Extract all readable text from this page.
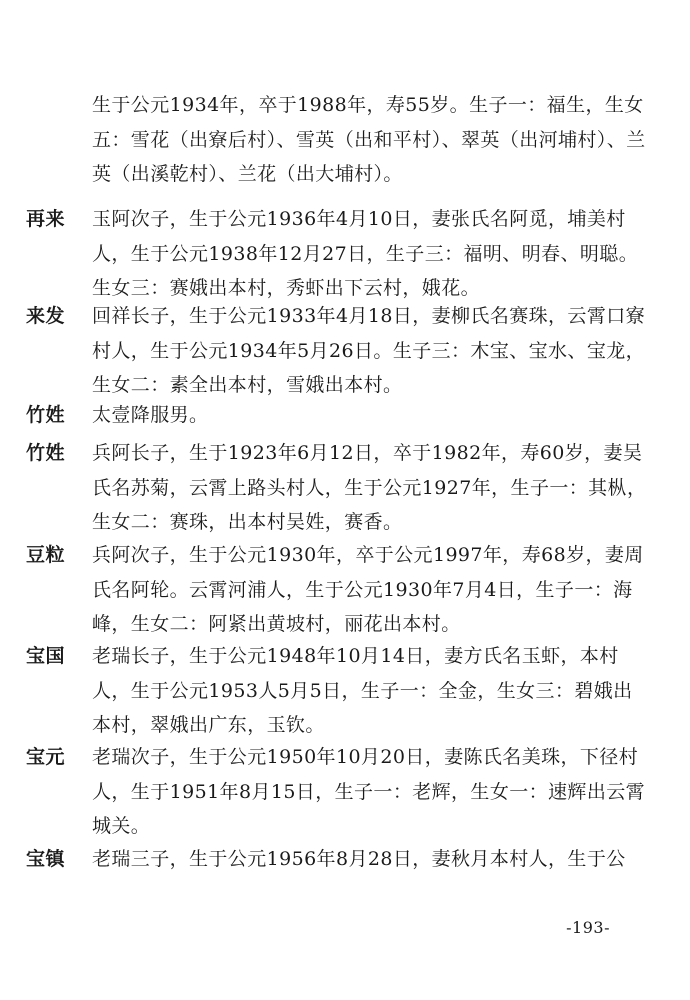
生于公元1934年，卒于1988年，寿55岁。生子一：福生，生女五：雪花（出寮后村）、雪英（出和平村）、翠英（出河埔村）、兰英（出溪乾村）、兰花（出大埔村）。
再来 玉阿次子，生于公元1936年4月10日，妻张氏名阿觅，埔美村人，生于公元1938年12月27日，生子三：福明、明春、明聪。生女三：赛娥出本村，秀虾出下云村，娥花。
来发 回祥长子，生于公元1933年4月18日，妻柳氏名赛珠，云霄口寮村人，生于公元1934年5月26日。生子三：木宝、宝水、宝龙，生女二：素全出本村，雪娥出本村。
竹姓 太壹降服男。
竹姓 兵阿长子，生于1923年6月12日，卒于1982年，寿60岁，妻吴氏名苏菊，云霄上路头村人，生于公元1927年，生子一：其枞，生女二：赛珠，出本村吴姓，赛香。
豆粒 兵阿次子，生于公元1930年，卒于公元1997年，寿68岁，妻周氏名阿轮。云霄河浦人，生于公元1930年7月4日，生子一：海峰，生女二：阿紧出黄坡村，丽花出本村。
宝国 老瑞长子，生于公元1948年10月14日，妻方氏名玉虾，本村人，生于公元1953人5月5日，生子一：全金，生女三：碧娥出本村，翠娥出广东，玉钦。
宝元 老瑞次子，生于公元1950年10月20日，妻陈氏名美珠，下径村人，生于1951年8月15日，生子一：老辉，生女一：速辉出云霄城关。
宝镇 老瑞三子，生于公元1956年8月28日，妻秋月本村人，生于公
-193-
